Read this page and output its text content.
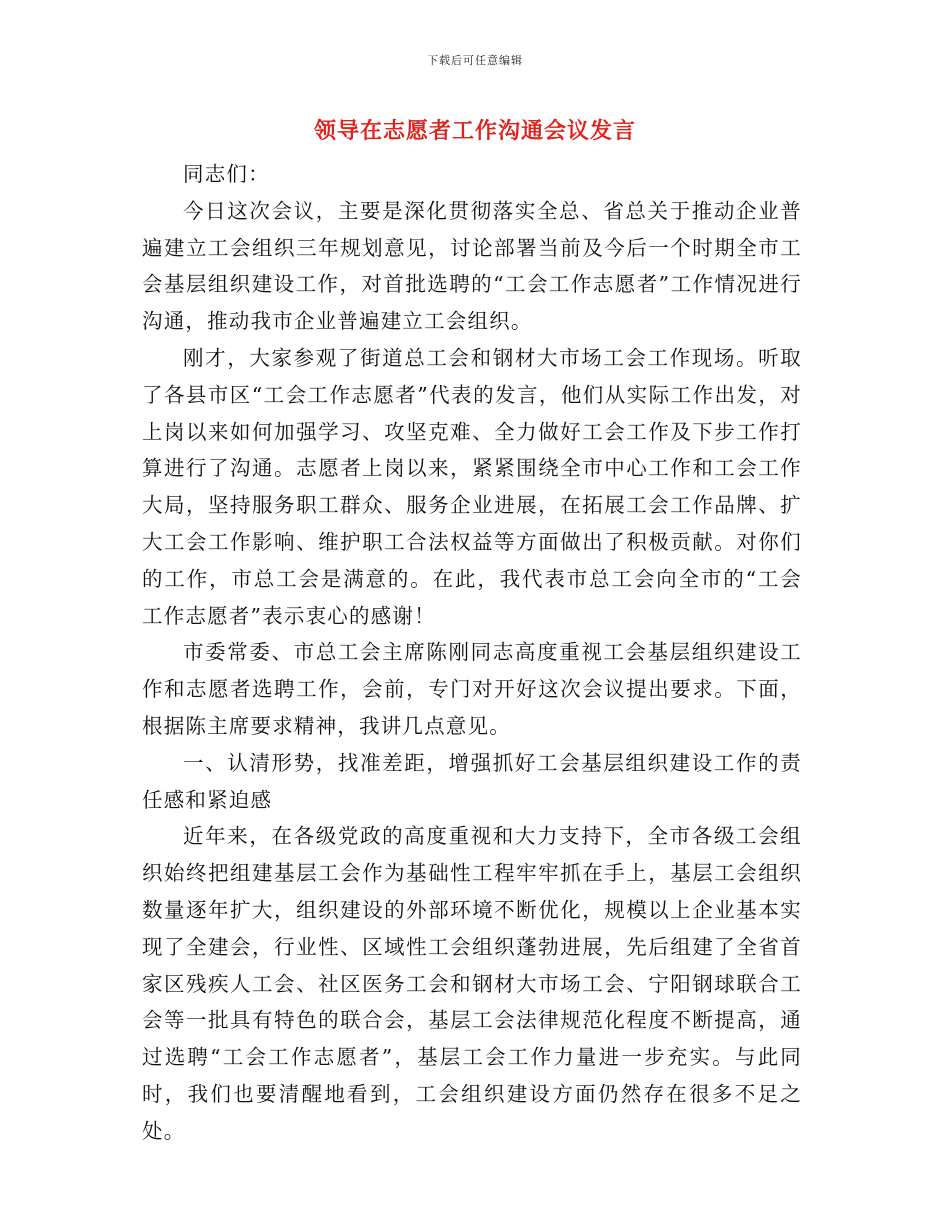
下载后可任意编辑
领导在志愿者工作沟通会议发言

同志们：

今日这次会议，主要是深化贯彻落实全总、省总关于推动企业普遍建立工会组织三年规划意见，讨论部署当前及今后一个时期全市工会基层组织建设工作，对首批选聘的“工会工作志愿者”工作情况进行沟通，推动我市企业普遍建立工会组织。

刚才，大家参观了街道总工会和钢材大市场工会工作现场。听取了各县市区“工会工作志愿者”代表的发言，他们从实际工作出发，对上岗以来如何加强学习、攻坚克难、全力做好工会工作及下步工作打算进行了沟通。志愿者上岗以来，紧紧围绕全市中心工作和工会工作大局，坚持服务职工群众、服务企业进展，在拓展工会工作品牌、扩大工会工作影响、维护职工合法权益等方面做出了积极贡献。对你们的工作，市总工会是满意的。在此，我代表市总工会向全市的“工会工作志愿者”表示衷心的感谢！

市委常委、市总工会主席陈刚同志高度重视工会基层组织建设工作和志愿者选聘工作，会前，专门对开好这次会议提出要求。下面，根据陈主席要求精神，我讲几点意见。

一、认清形势，找准差距，增强抓好工会基层组织建设工作的责任感和紧迫感

近年来，在各级党政的高度重视和大力支持下，全市各级工会组织始终把组建基层工会作为基础性工程牢牢抓在手上，基层工会组织数量逐年扩大，组织建设的外部环境不断优化，规模以上企业基本实现了全建会，行业性、区域性工会组织蓬勃进展，先后组建了全省首家区残疾人工会、社区医务工会和钢材大市场工会、宁阳钢球联合工会等一批具有特色的联合会，基层工会法律规范化程度不断提高，通过选聘“工会工作志愿者”，基层工会工作力量进一步充实。与此同时，我们也要清醒地看到，工会组织建设方面仍然存在很多不足之处。
